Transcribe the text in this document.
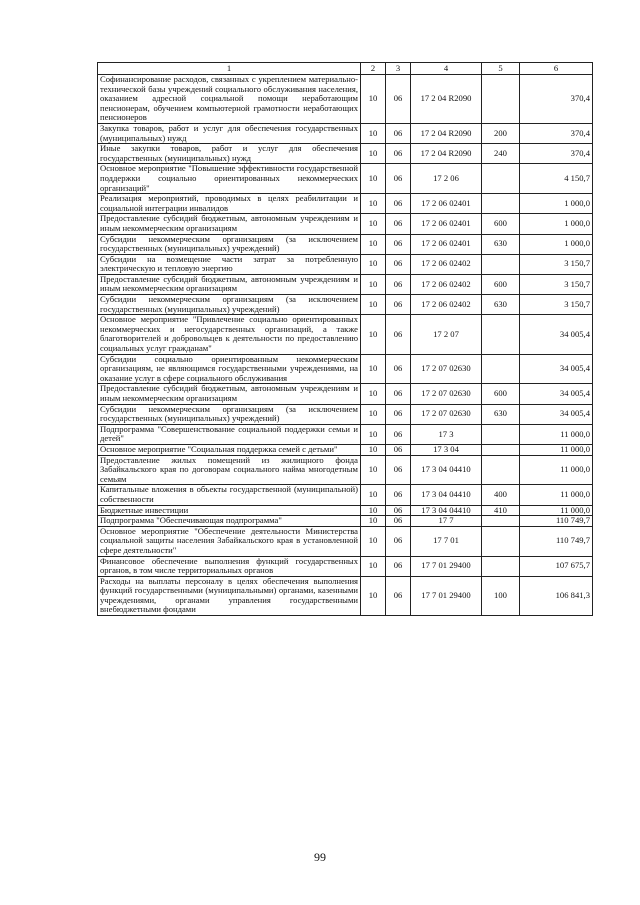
1	2	3	4	5	6
Софинансирование расходов, связанных с укреплением материально-технической базы учреждений социального обслуживания населения, оказанием адресной социальной помощи неработающим пенсионерам, обучением компьютерной грамотности неработающих пенсионеров	10	06	17 2 04 R2090		370,4
Закупка товаров, работ и услуг для обеспечения государственных (муниципальных) нужд	10	06	17 2 04 R2090	200	370,4
Иные закупки товаров, работ и услуг для обеспечения государственных (муниципальных) нужд	10	06	17 2 04 R2090	240	370,4
Основное мероприятие "Повышение эффективности государственной поддержки социально ориентированных некоммерческих организаций"	10	06	17 2 06		4 150,7
Реализация мероприятий, проводимых в целях реабилитации и социальной интеграции инвалидов	10	06	17 2 06 02401		1 000,0
Предоставление субсидий бюджетным, автономным учреждениям и иным некоммерческим организациям	10	06	17 2 06 02401	600	1 000,0
Субсидии некоммерческим организациям (за исключением государственных (муниципальных) учреждений)	10	06	17 2 06 02401	630	1 000,0
Субсидии на возмещение части затрат за потребленную электрическую и тепловую энергию	10	06	17 2 06 02402		3 150,7
Предоставление субсидий бюджетным, автономным учреждениям и иным некоммерческим организациям	10	06	17 2 06 02402	600	3 150,7
Субсидии некоммерческим организациям (за исключением государственных (муниципальных) учреждений)	10	06	17 2 06 02402	630	3 150,7
Основное мероприятие "Привлечение социально ориентированных некоммерческих и негосударственных организаций, а также благотворителей и добровольцев к деятельности по предоставлению социальных услуг гражданам"	10	06	17 2 07		34 005,4
Субсидии социально ориентированным некоммерческим организациям, не являющимся государственными учреждениями, на оказание услуг в сфере социального обслуживания	10	06	17 2 07 02630		34 005,4
Предоставление субсидий бюджетным, автономным учреждениям и иным некоммерческим организациям	10	06	17 2 07 02630	600	34 005,4
Субсидии некоммерческим организациям (за исключением государственных (муниципальных) учреждений)	10	06	17 2 07 02630	630	34 005,4
Подпрограмма "Совершенствование социальной поддержки семьи и детей"	10	06	17 3		11 000,0
Основное мероприятие "Социальная поддержка семей с детьми"	10	06	17 3 04		11 000,0
Предоставление жилых помещений из жилищного фонда Забайкальского края по договорам социального найма многодетным семьям	10	06	17 3 04 04410		11 000,0
Капитальные вложения в объекты государственной (муниципальной) собственности	10	06	17 3 04 04410	400	11 000,0
Бюджетные инвестиции	10	06	17 3 04 04410	410	11 000,0
Подпрограмма "Обеспечивающая подпрограмма"	10	06	17 7		110 749,7
Основное мероприятие "Обеспечение деятельности Министерства социальной защиты населения Забайкальского края в установленной сфере деятельности"	10	06	17 7 01		110 749,7
Финансовое обеспечение выполнения функций государственных органов, в том числе территориальных органов	10	06	17 7 01 29400		107 675,7
Расходы на выплаты персоналу в целях обеспечения выполнения функций государственными (муниципальными) органами, казенными учреждениями, органами управления государственными внебюджетными фондами	10	06	17 7 01 29400	100	106 841,3
99
